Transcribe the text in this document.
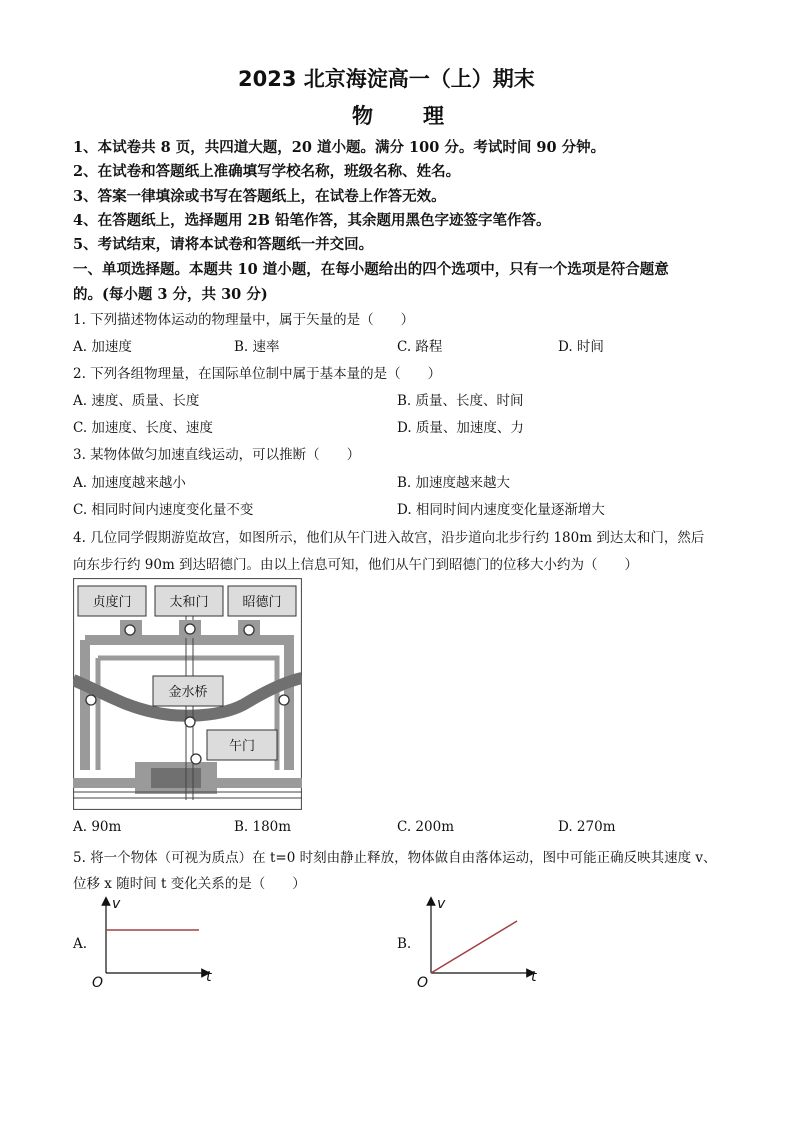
2023 北京海淀高一（上）期末
物理
1、本试卷共 8 页，共四道大题，20 道小题。满分 100 分。考试时间 90 分钟。
2、在试卷和答题纸上准确填写学校名称，班级名称、姓名。
3、答案一律填涂或书写在答题纸上，在试卷上作答无效。
4、在答题纸上，选择题用 2B 铅笔作答，其余题用黑色字迹签字笔作答。
5、考试结束，请将本试卷和答题纸一并交回。
一、单项选择题。本题共 10 道小题，在每小题给出的四个选项中，只有一个选项是符合题意
的。(每小题 3 分，共 30 分)
1. 下列描述物体运动的物理量中，属于矢量的是（　　）
A. 加速度	B. 速率	C. 路程	D. 时间
2. 下列各组物理量，在国际单位制中属于基本量的是（　　）
A. 速度、质量、长度	B. 质量、长度、时间
C. 加速度、长度、速度	D. 质量、加速度、力
3. 某物体做匀加速直线运动，可以推断（　　）
A. 加速度越来越小	B. 加速度越来越大
C. 相同时间内速度变化量不变	D. 相同时间内速度变化量逐渐增大
4. 几位同学假期游览故宫，如图所示，他们从午门进入故宫，沿步道向北步行约 180m 到达太和门，然后
向东步行约 90m 到达昭德门。由以上信息可知，他们从午门到昭德门的位移大小约为（　　）
贞度门	太和门	昭德门
金水桥
午门
A. 90m	B. 180m	C. 200m	D. 270m
5. 将一个物体（可视为质点）在 t=0 时刻由静止释放，物体做自由落体运动，图中可能正确反映其速度 v、
位移 x 随时间 t 变化关系的是（　　）
A.
v
t
O
B.
v
t
O
